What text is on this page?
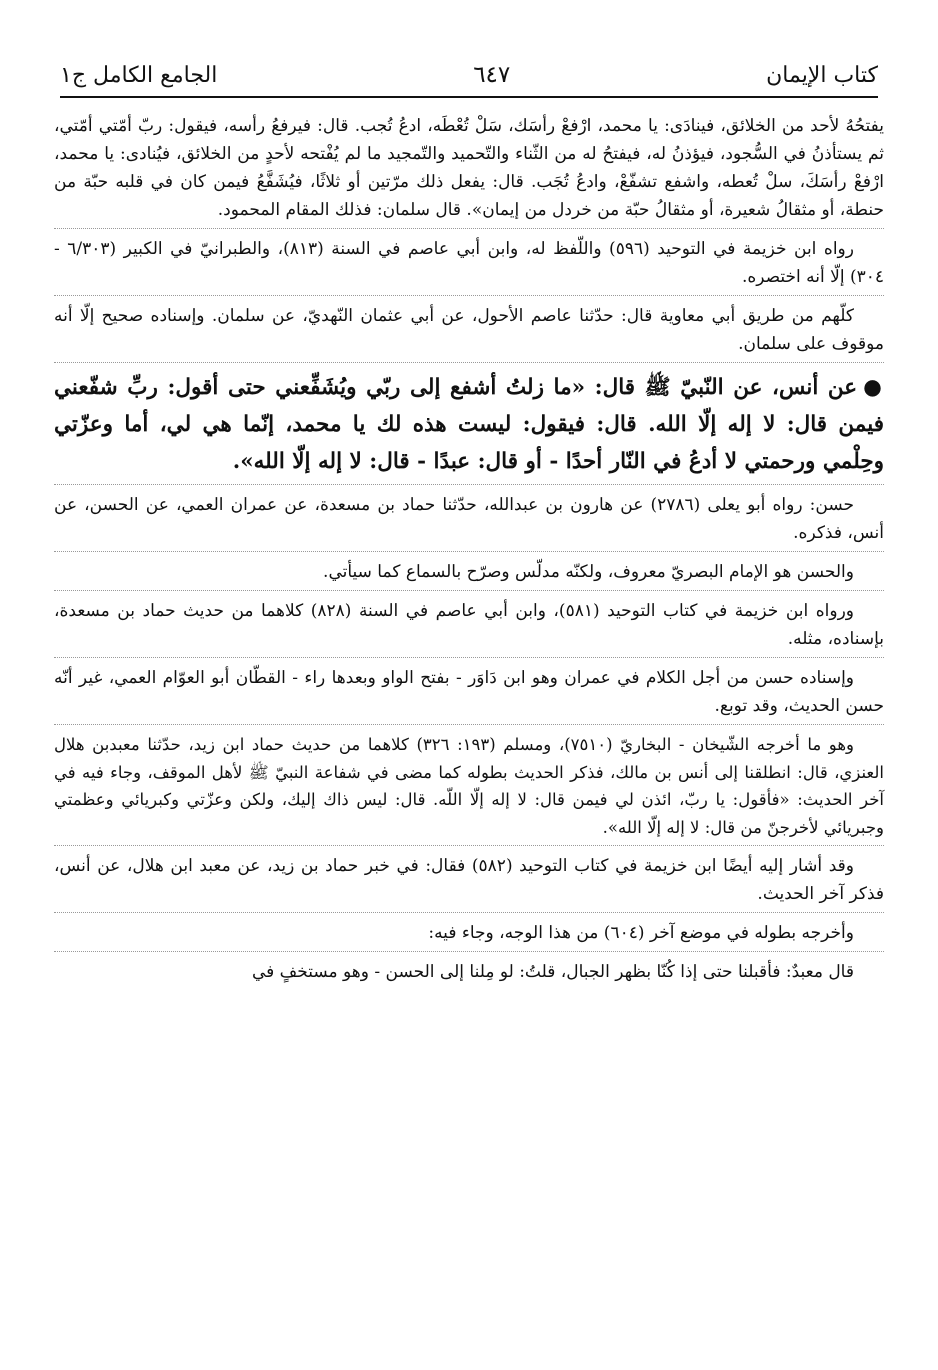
كتاب الإيمان
٦٤٧
الجامع الكامل ج١

يفتحُهُ لأحد من الخلائق، فينادَى: يا محمد، ارْفعْ رأسَك، سَلْ تُعْطَه، ادعُ تُجب. قال: فيرفعُ رأسه، فيقول: ربّ أمّتي أمّتي، ثم يستأذنُ في السُّجود، فيؤذنُ له، فيفتحُ له من الثّناء والتّحميد والتّمجيد ما لم يُفْتحه لأحدٍ من الخلائق، فيُنادى: يا محمد، ارْفعْ رأسَكَ، سلْ تُعطه، واشفع تشفّعْ، وادعُ تُجَب. قال: يفعل ذلك مرّتين أو ثلاثًا، فيُشَفَّعُ فيمن كان في قلبه حبّة من حنطة، أو مثقالُ شعيرة، أو مثقالُ حبّة من خردل من إيمان». قال سلمان: فذلك المقام المحمود.

رواه ابن خزيمة في التوحيد (٥٩٦) واللّفظ له، وابن أبي عاصم في السنة (٨١٣)، والطبرانيّ في الكبير (٦/٣٠٣ - ٣٠٤) إلّا أنه اختصره.

كلّهم من طريق أبي معاوية قال: حدّثنا عاصم الأحول، عن أبي عثمان النّهديّ، عن سلمان. وإسناده صحيح إلّا أنه موقوف على سلمان.

●عن أنس، عن النّبيّ ﷺ قال: «ما زلتُ أشفع إلى ربّي ويُشَفِّعني حتى أقول: ربِّ شفّعني فيمن قال: لا إله إلّا الله. قال: فيقول: ليست هذه لك يا محمد، إنّما هي لي، أما وعزّتي وحِلْمي ورحمتي لا أدعُ في النّار أحدًا - أو قال: عبدًا - قال: لا إله إلّا الله».

حسن: رواه أبو يعلى (٢٧٨٦) عن هارون بن عبدالله، حدّثنا حماد بن مسعدة، عن عمران العمي، عن الحسن، عن أنس، فذكره.

والحسن هو الإمام البصريّ معروف، ولكنّه مدلّس وصرّح بالسماع كما سيأتي.

ورواه ابن خزيمة في كتاب التوحيد (٥٨١)، وابن أبي عاصم في السنة (٨٢٨) كلاهما من حديث حماد بن مسعدة، بإسناده، مثله.

وإسناده حسن من أجل الكلام في عمران وهو ابن دَاوَر - بفتح الواو وبعدها راء - القطّان أبو العوّام العمي، غير أنّه حسن الحديث، وقد توبع.

وهو ما أخرجه الشّيخان - البخاريّ (٧٥١٠)، ومسلم (١٩٣: ٣٢٦) كلاهما من حديث حماد ابن زيد، حدّثنا معبدبن هلال العنزي، قال: انطلقنا إلى أنس بن مالك، فذكر الحديث بطوله كما مضى في شفاعة النبيّ ﷺ لأهل الموقف، وجاء فيه في آخر الحديث: «فأقول: يا ربّ، ائذن لي فيمن قال: لا إله إلّا اللّه. قال: ليس ذاك إليك، ولكن وعزّتي وكبريائي وعظمتي وجبريائي لأخرجنّ من قال: لا إله إلّا الله».

وقد أشار إليه أيضًا ابن خزيمة في كتاب التوحيد (٥٨٢) فقال: في خبر حماد بن زيد، عن معبد ابن هلال، عن أنس، فذكر آخر الحديث.

وأخرجه بطوله في موضع آخر (٦٠٤) من هذا الوجه، وجاء فيه:

قال معبدٌ: فأقبلنا حتى إذا كُنّا بظهر الجبال، قلتُ: لو مِلنا إلى الحسن - وهو مستخفٍ في
